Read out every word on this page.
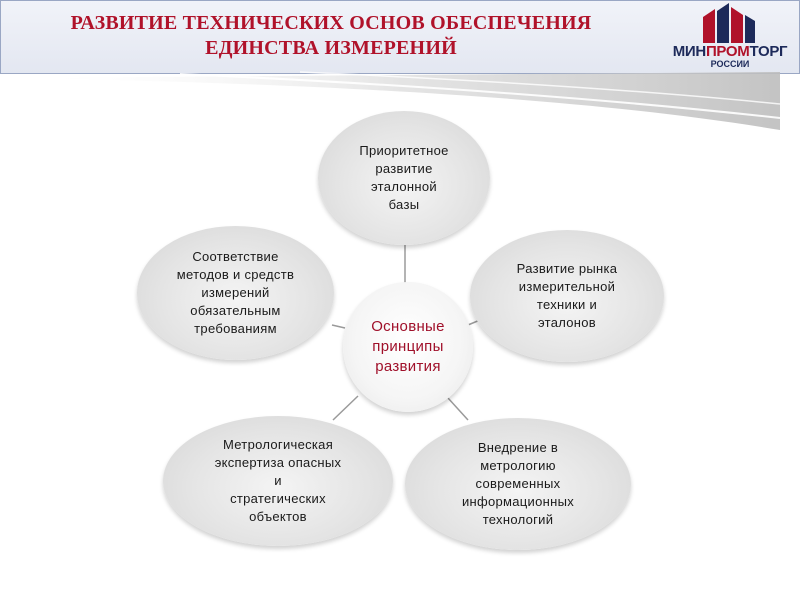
РАЗВИТИЕ ТЕХНИЧЕСКИХ ОСНОВ ОБЕСПЕЧЕНИЯ
ЕДИНСТВА ИЗМЕРЕНИЙ	МИНПРОМТОРГ
РОССИИ
Приоритетное
развитие
эталонной
базы
Развитие рынка
измерительной
техники и
эталонов
Внедрение в
метрологию
современных
информационных
технологий
Метрологическая
экспертиза опасных
и
стратегических
объектов
Соответствие
методов и средств
измерений
обязательным
требованиям	Основные
принципы
развития
